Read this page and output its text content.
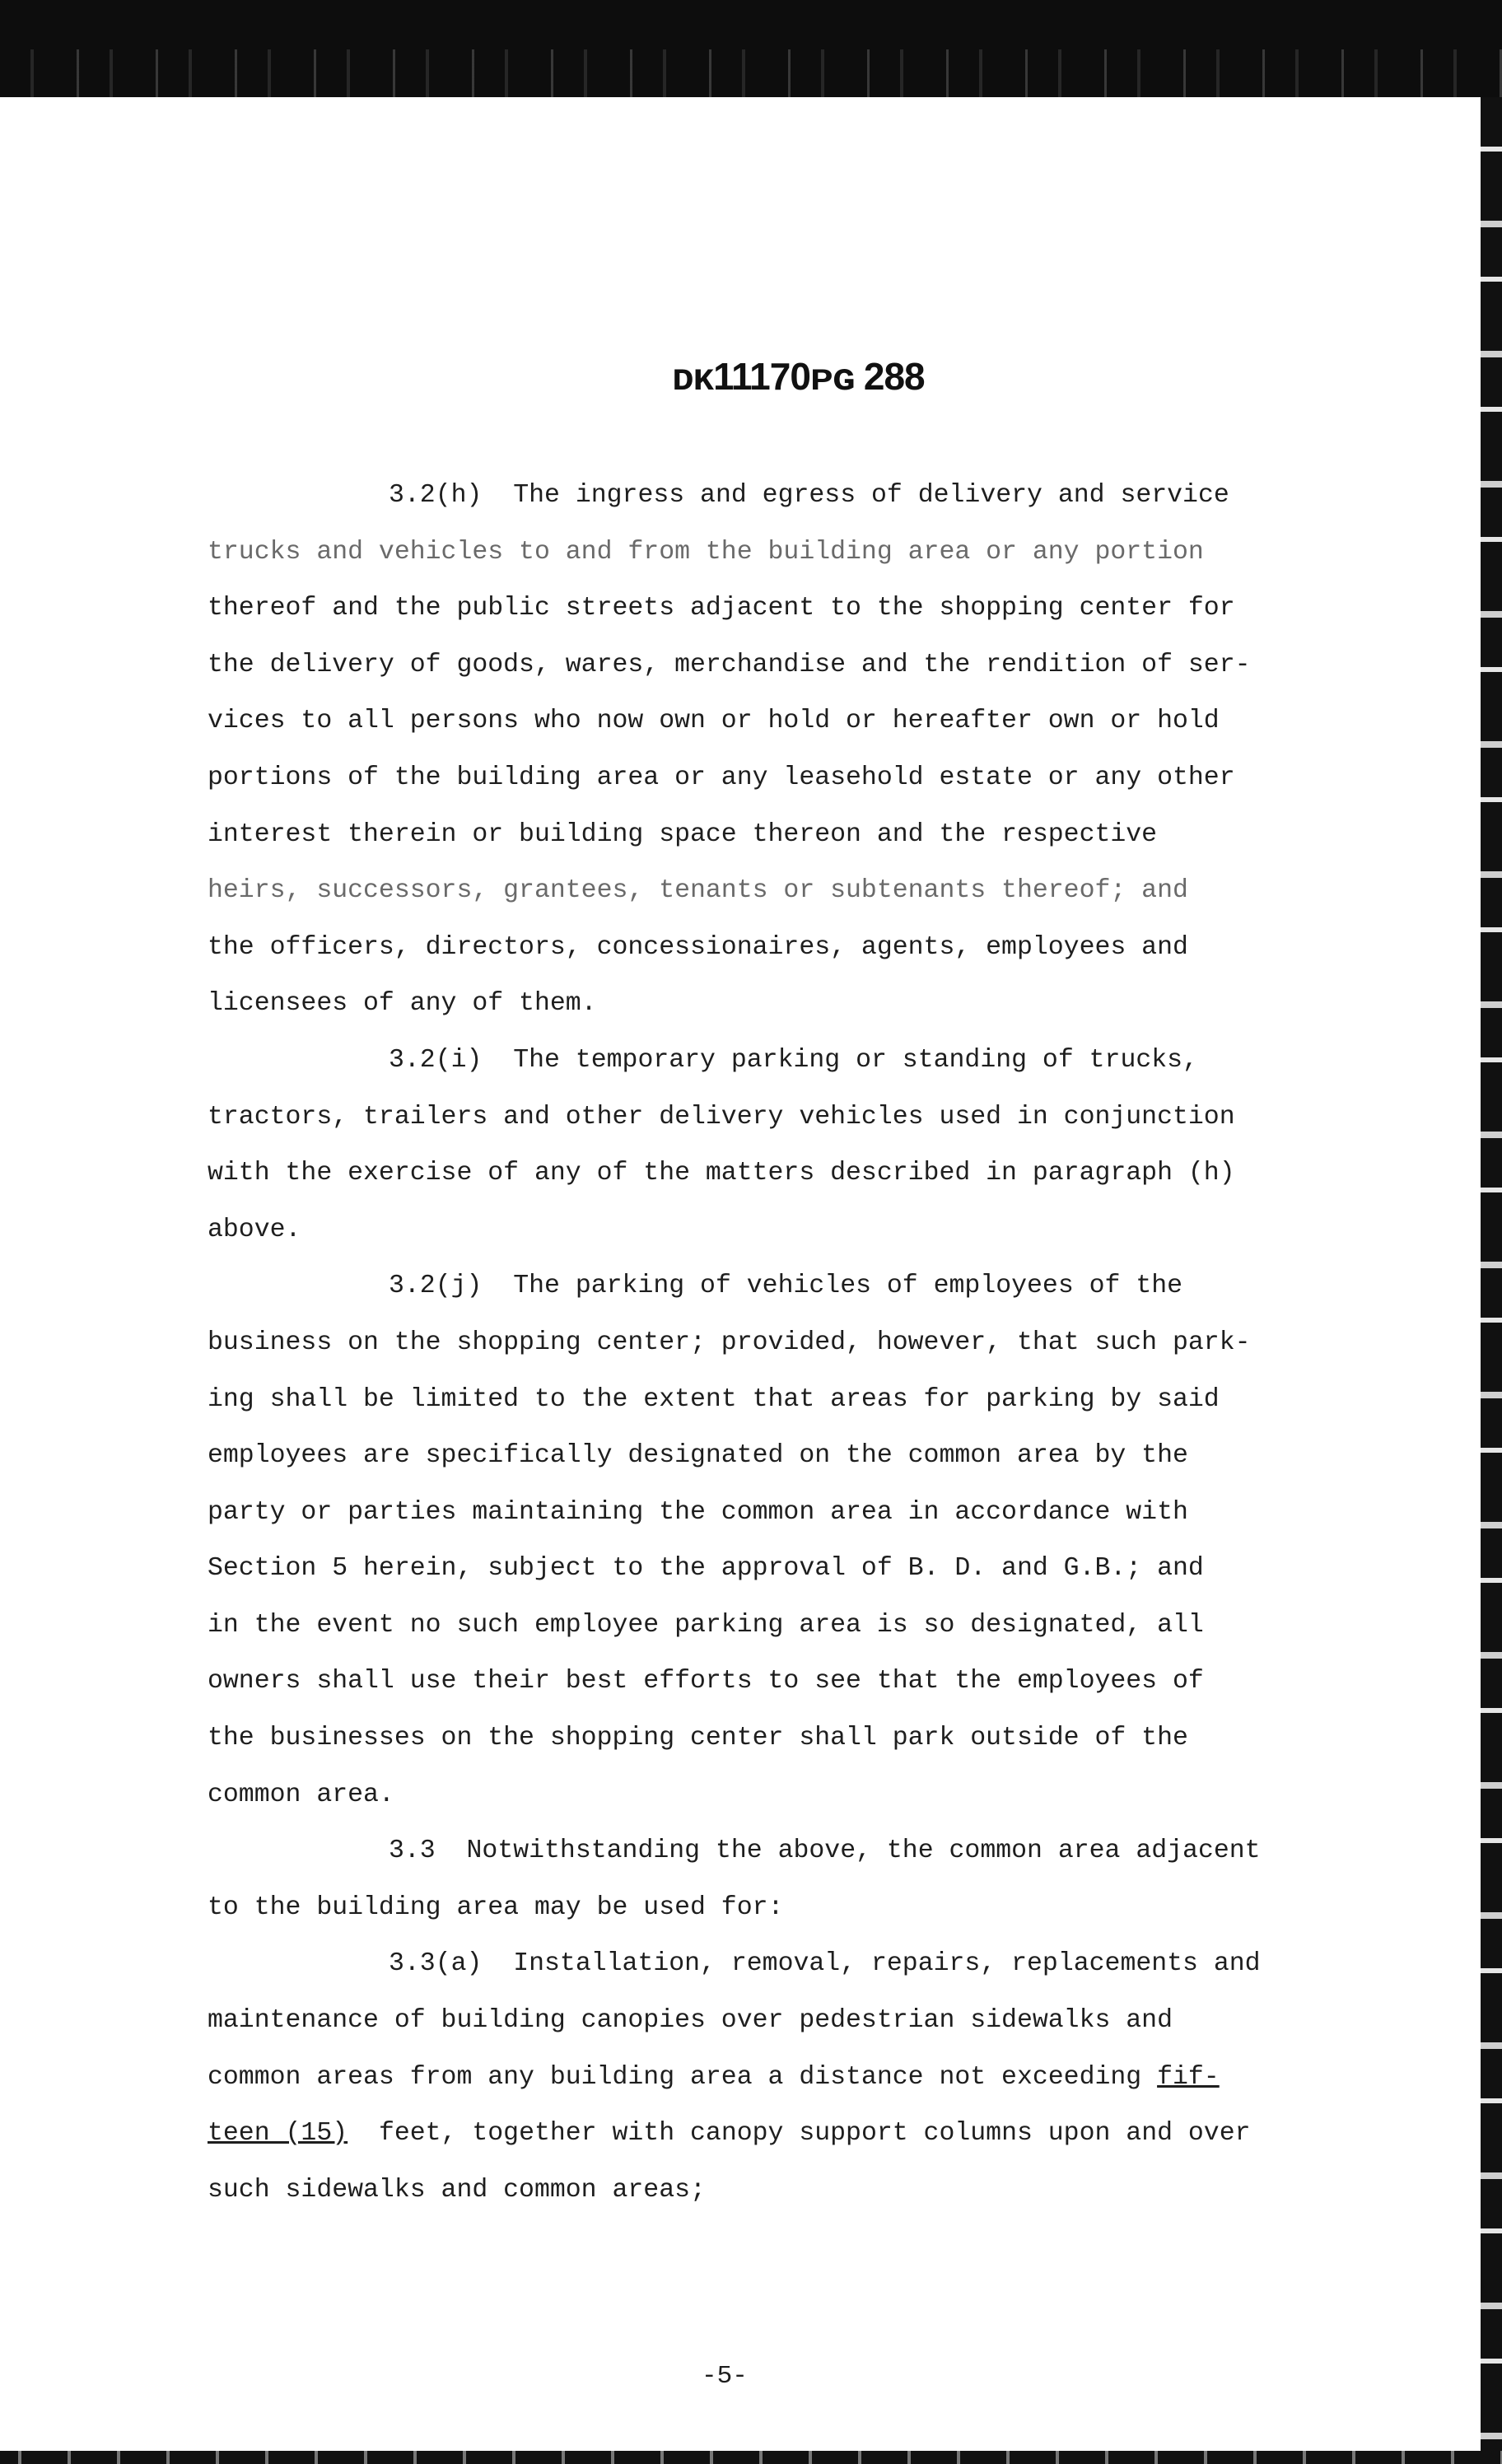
ᴅᴋ11170ᴘɢ 288
3.2(h)  The ingress and egress of delivery and service
trucks and vehicles to and from the building area or any portion
thereof and the public streets adjacent to the shopping center for
the delivery of goods, wares, merchandise and the rendition of ser-
vices to all persons who now own or hold or hereafter own or hold
portions of the building area or any leasehold estate or any other
interest therein or building space thereon and the respective
heirs, successors, grantees, tenants or subtenants thereof; and
the officers, directors, concessionaires, agents, employees and
licensees of any of them.
3.2(i)  The temporary parking or standing of trucks,
tractors, trailers and other delivery vehicles used in conjunction
with the exercise of any of the matters described in paragraph (h)
above.
3.2(j)  The parking of vehicles of employees of the
business on the shopping center; provided, however, that such park-
ing shall be limited to the extent that areas for parking by said
employees are specifically designated on the common area by the
party or parties maintaining the common area in accordance with
Section 5 herein, subject to the approval of B. D. and G.B.; and
in the event no such employee parking area is so designated, all
owners shall use their best efforts to see that the employees of
the businesses on the shopping center shall park outside of the
common area.
3.3  Notwithstanding the above, the common area adjacent
to the building area may be used for:
3.3(a)  Installation, removal, repairs, replacements and
maintenance of building canopies over pedestrian sidewalks and
common areas from any building area a distance not exceeding fif-
teen (15)  feet, together with canopy support columns upon and over
such sidewalks and common areas;
-5-
